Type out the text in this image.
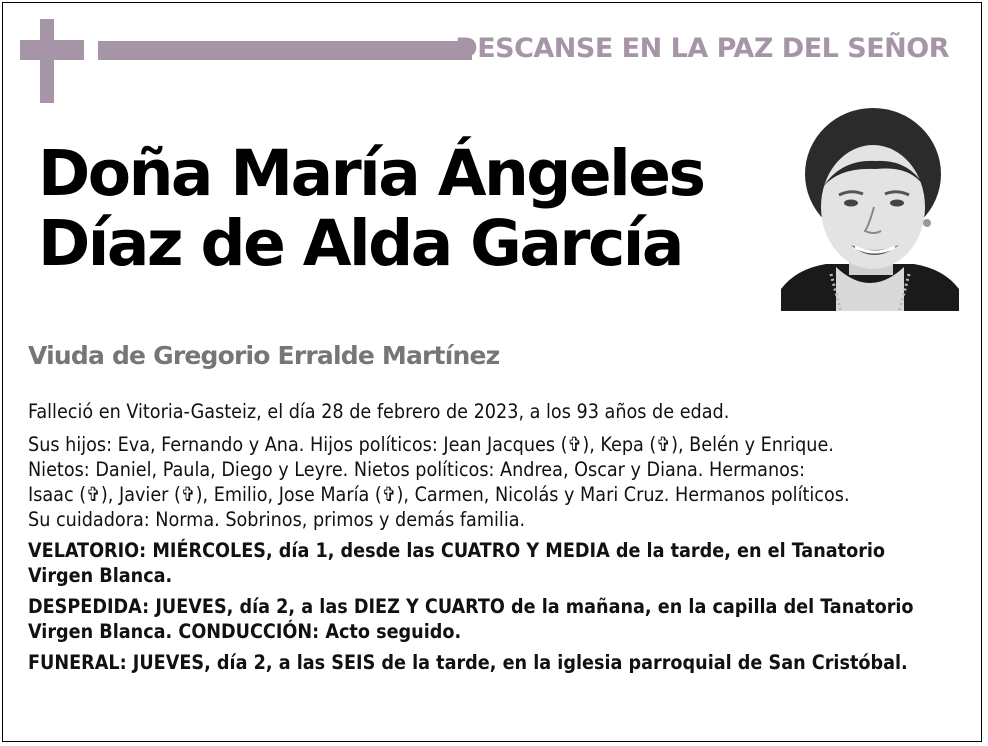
DESCANSE EN LA PAZ DEL SEÑOR
Doña María Ángeles
Díaz de Alda García
Viuda de Gregorio Erralde Martínez

Falleció en Vitoria-Gasteiz, el día 28 de febrero de 2023, a los 93 años de edad.

Sus hijos: Eva, Fernando y Ana. Hijos políticos: Jean Jacques (✞), Kepa (✞), Belén y Enrique.
Nietos: Daniel, Paula, Diego y Leyre. Nietos políticos: Andrea, Oscar y Diana. Hermanos:
Isaac (✞), Javier (✞), Emilio, Jose María (✞), Carmen, Nicolás y Mari Cruz. Hermanos políticos.
Su cuidadora: Norma. Sobrinos, primos y demás familia.
VELATORIO: MIÉRCOLES, día 1, desde las CUATRO Y MEDIA de la tarde, en el Tanatorio
Virgen Blanca.
DESPEDIDA: JUEVES, día 2, a las DIEZ Y CUARTO de la mañana, en la capilla del Tanatorio
Virgen Blanca. CONDUCCIÓN: Acto seguido.
FUNERAL: JUEVES, día 2, a las SEIS de la tarde, en la iglesia parroquial de San Cristóbal.
